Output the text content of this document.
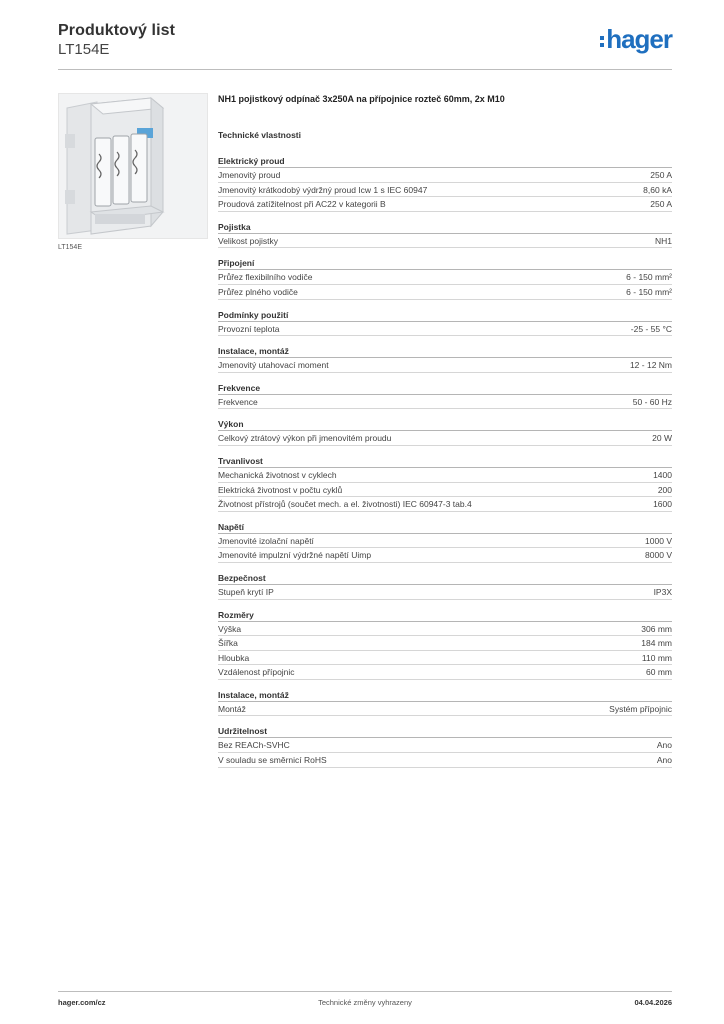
Produktový list
LT154E	hager
LT154E
NH1 pojistkový odpínač 3x250A na přípojnice rozteč 60mm, 2x M10
Technické vlastnosti
Elektrický proud
Jmenovitý proud	250 A
Jmenovitý krátkodobý výdržný proud Icw 1 s IEC 60947	8,60 kA
Proudová zatížitelnost při AC22 v kategorii B	250 A
Pojistka
Velikost pojistky	NH1
Připojení
Průřez flexibilního vodiče	6 - 150 mm²
Průřez plného vodiče	6 - 150 mm²
Podmínky použití
Provozní teplota	-25 - 55 °C
Instalace, montáž
Jmenovitý utahovací moment	12 - 12 Nm
Frekvence
Frekvence	50 - 60 Hz
Výkon
Celkový ztrátový výkon při jmenovitém proudu	20 W
Trvanlivost
Mechanická životnost v cyklech	1400
Elektrická životnost v počtu cyklů	200
Životnost přístrojů (součet mech. a el. životnosti) IEC 60947-3 tab.4	1600
Napětí
Jmenovité izolační napětí	1000 V
Jmenovité impulzní výdržné napětí Uimp	8000 V
Bezpečnost
Stupeň krytí IP	IP3X
Rozměry
Výška	306 mm
Šířka	184 mm
Hloubka	110 mm
Vzdálenost přípojnic	60 mm
Instalace, montáž
Montáž	Systém přípojnic
Udržitelnost
Bez REACh-SVHC	Ano
V souladu se směrnicí RoHS	Ano
hager.com/cz	Technické změny vyhrazeny	04.04.2026
